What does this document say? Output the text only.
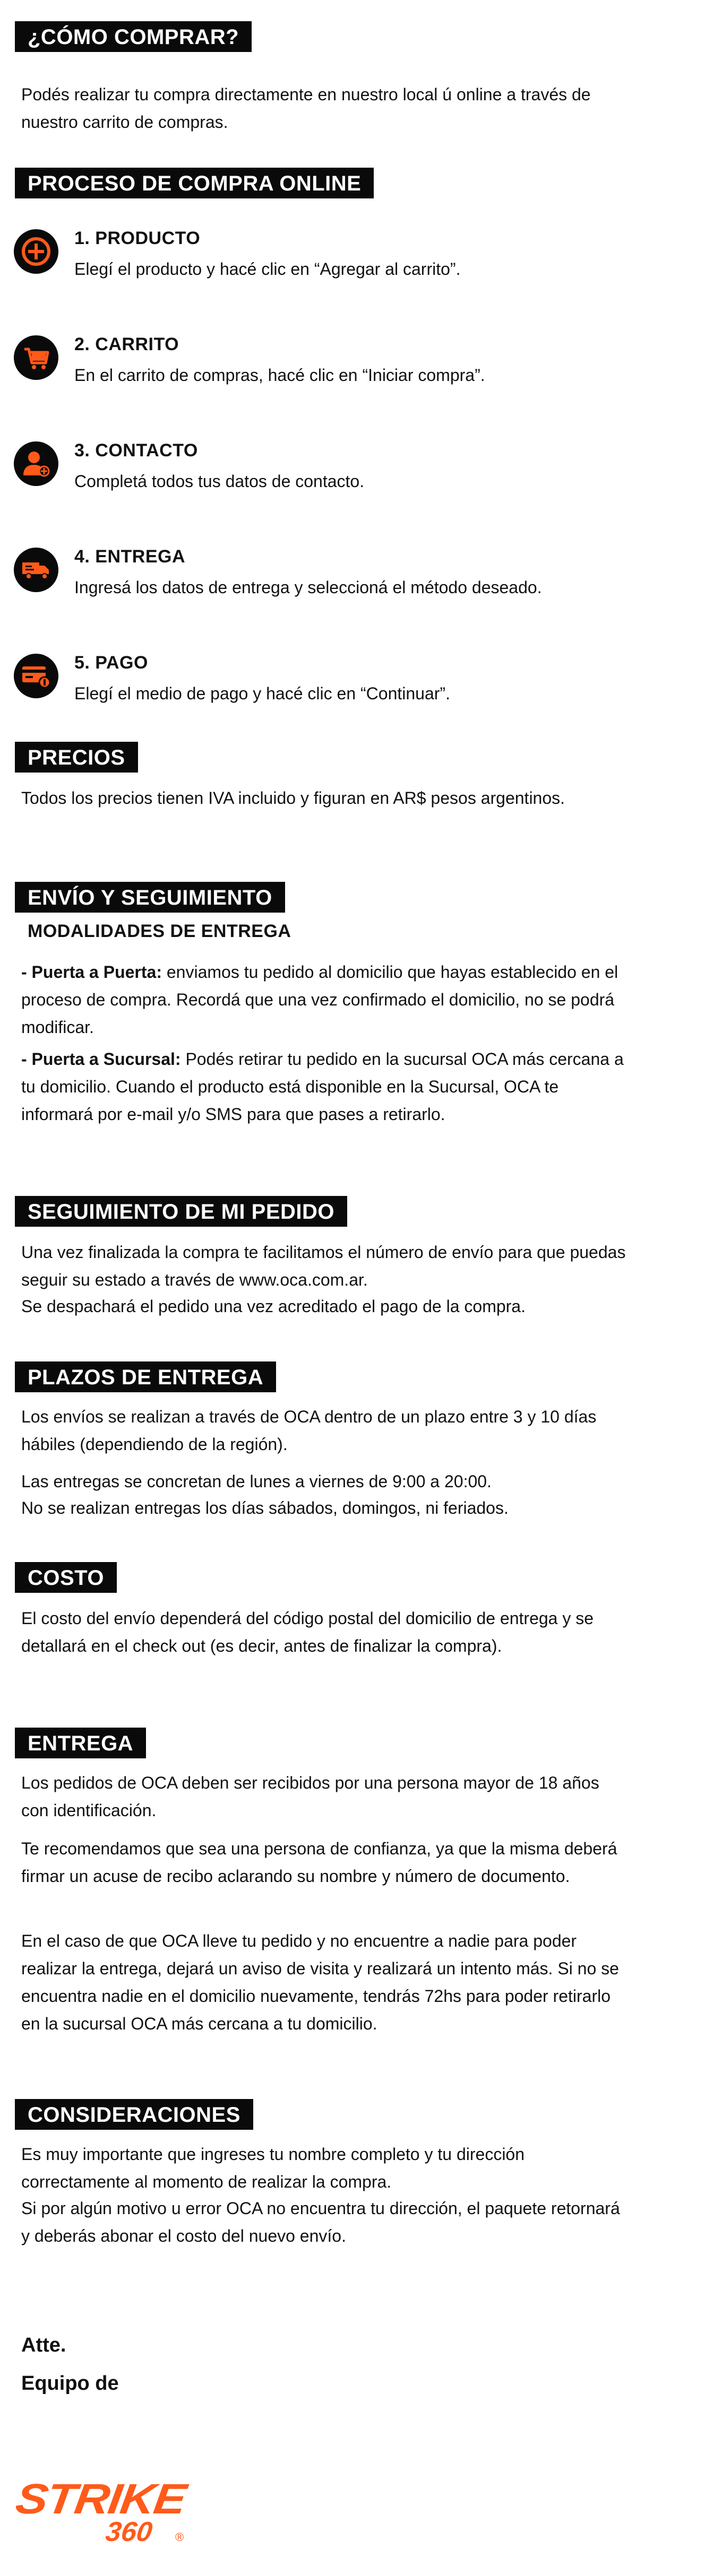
¿CÓMO COMPRAR?

Podés realizar tu compra directamente en nuestro local ú online a través de nuestro carrito de compras.

PROCESO DE COMPRA ONLINE
1. PRODUCTO
Elegí el producto y hacé clic en “Agregar al carrito”.
2. CARRITO
En el carrito de compras, hacé clic en “Iniciar compra”.
3. CONTACTO
Completá todos tus datos de contacto.
4. ENTREGA
Ingresá los datos de entrega y seleccioná el método deseado.
5. PAGO
Elegí el medio de pago y hacé clic en “Continuar”.
PRECIOS

Todos los precios tienen IVA incluido y figuran en AR$ pesos argentinos.

ENVÍO Y SEGUIMIENTO
MODALIDADES DE ENTREGA

- Puerta a Puerta: enviamos tu pedido al domicilio que hayas establecido en el proceso de compra. Recordá que una vez confirmado el domicilio, no se podrá modificar.

- Puerta a Sucursal: Podés retirar tu pedido en la sucursal OCA más cercana a tu domicilio. Cuando el producto está disponible en la Sucursal, OCA te informará por e-mail y/o SMS para que pases a retirarlo.

SEGUIMIENTO DE MI PEDIDO

Una vez finalizada la compra te facilitamos el número de envío para que puedas seguir su estado a través de www.oca.com.ar.

Se despachará el pedido una vez acreditado el pago de la compra.

PLAZOS DE ENTREGA

Los envíos se realizan a través de OCA dentro de un plazo entre 3 y 10 días hábiles (dependiendo de la región).

Las entregas se concretan de lunes a viernes de 9:00 a 20:00.

No se realizan entregas los días sábados, domingos, ni feriados.

COSTO

El costo del envío dependerá del código postal del domicilio de entrega y se detallará en el check out (es decir, antes de finalizar la compra).

ENTREGA

Los pedidos de OCA deben ser recibidos por una persona mayor de 18 años con identificación.

Te recomendamos que sea una persona de confianza, ya que la misma deberá firmar un acuse de recibo aclarando su nombre y número de documento.

En el caso de que OCA lleve tu pedido y no encuentre a nadie para poder realizar la entrega, dejará un aviso de visita y realizará un intento más. Si no se encuentra nadie en el domicilio nuevamente, tendrás 72hs para poder retirarlo en la sucursal OCA más cercana a tu domicilio.

CONSIDERACIONES

Es muy importante que ingreses tu nombre completo y tu dirección correctamente al momento de realizar la compra.

Si por algún motivo u error OCA no encuentra tu dirección, el paquete retornará y deberás abonar el costo del nuevo envío.

Atte.
Equipo de
STRIKE
360 ®
